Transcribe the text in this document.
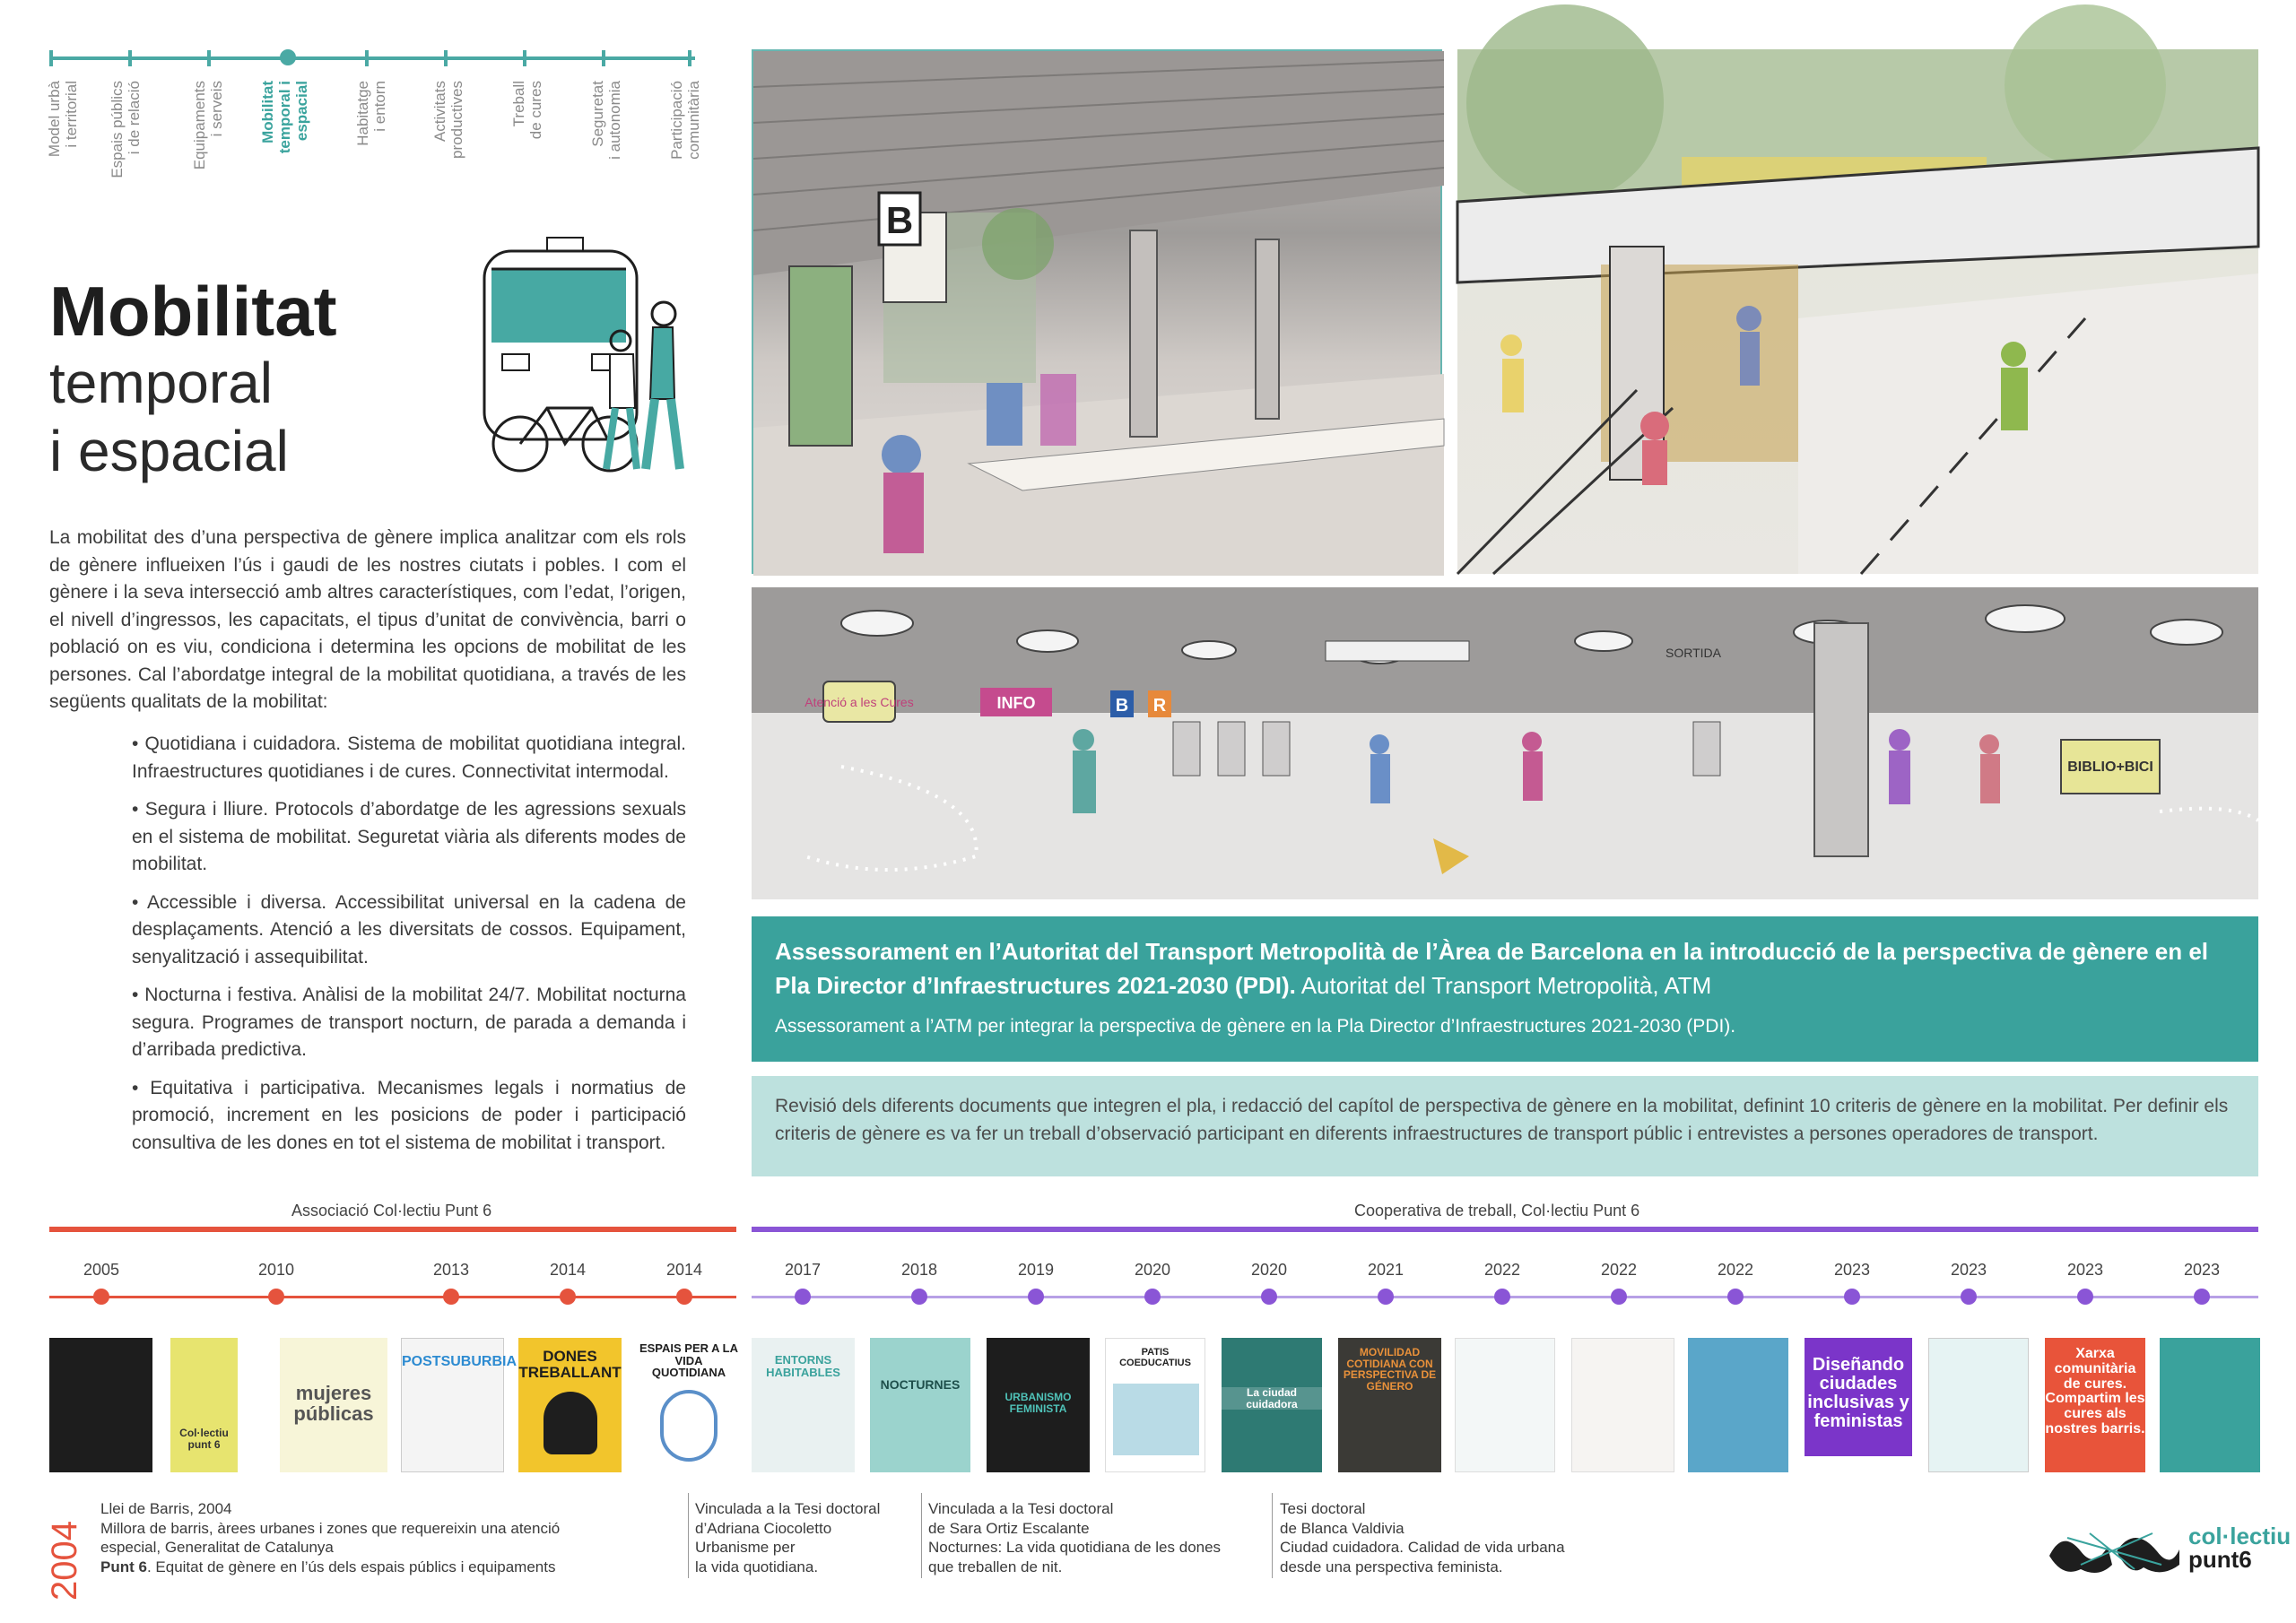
Model urbà
i territorial
Espais públics
i de relació	Equipaments
i serveis Mobilitat
temporal i
espacial	Habitatge
i entorn	Activitats
productives	Treball
de cures	Seguretat
i autonomia	Participació
comunitària
Mobilitat
temporal
i espacial
La mobilitat des d’una perspectiva de gènere implica analitzar com els rols de gènere influeixen l’ús i gaudi de les nostres ciutats i pobles. I com el gènere i la seva intersecció amb altres característiques, com l’edat, l’origen, el nivell d’ingressos, les capacitats, el tipus d’unitat de convivència, barri o població on es viu, condiciona i determina les opcions de mobilitat de les persones. Cal l’abordatge integral de la mobilitat quotidiana, a través de les següents qualitats de la mobilitat:

• Quotidiana i cuidadora. Sistema de mobilitat quotidiana integral. Infraestructures quotidianes i de cures. Connectivitat intermodal.

• Segura i lliure. Protocols d’abordatge de les agressions sexuals en el sistema de mobilitat. Seguretat viària als diferents modes de mobilitat.

• Accessible i diversa. Accessibilitat universal en la cadena de desplaçaments. Atenció a les diversitats de cossos. Equipament, senyalització i assequibilitat.

• Nocturna i festiva. Anàlisi de la mobilitat 24/7. Mobilitat nocturna segura. Programes de transport nocturn, de parada a demanda i d’arribada predictiva.

• Equitativa i participativa. Mecanismes legals i normatius de promoció, increment en les posicions de poder i participació consultiva de les dones en tot el sistema de mobilitat i transport.

B
Atenció a les Cures	INFO	B R
SORTIDA
BIBLIO+BICI
Assessorament en l’Autoritat del Transport Metropolità de l’Àrea de Barcelona en la introducció de la perspectiva de gènere en el Pla Director d’Infraestructures 2021-2030 (PDI). Autoritat del Transport Metropolità, ATM
Assessorament a l’ATM per integrar la perspectiva de gènere en la Pla Director d’Infraestructures 2021-2030 (PDI).
Revisió dels diferents documents que integren el pla, i redacció del capítol de perspectiva de gènere en la mobilitat, definint 10 criteris de gènere en la mobilitat. Per definir els criteris de gènere es va fer un treball d’observació participant en diferents infraestructures de transport públic i entrevistes a persones operadores de transport.
Associació Col·lectiu Punt 6	Cooperativa de treball, Col·lectiu Punt 6
2005	2010	2013	2014	2014	2017	2018	2019	2020	2020	2021	2022	2022	2022	2023	2023	2023	2023
Col·lectiu punt 6
mujeres públicas
POSTSUBURBIA	DONES TREBALLANT
ESPAIS PER A LA VIDA QUOTIDIANA
ENTORNS HABITABLES
NOCTURNES
URBANISMO FEMINISTA
PATIS COEDUCATIUS
La ciudad cuidadora
MOVILIDAD COTIDIANA CON PERSPECTIVA DE GÉNERO
Diseñando ciudades inclusivas y feministas
Xarxa comunitària de cures. Compartim les cures als nostres barris.
2004
Llei de Barris, 2004
Millora de barris, àrees urbanes i zones que requereixin una atenció
especial, Generalitat de Catalunya
Punt 6. Equitat de gènere en l’ús dels espais públics i equipaments
Vinculada a la Tesi doctoral
d’Adriana Ciocoletto
Urbanisme per
la vida quotidiana.
Vinculada a la Tesi doctoral
de Sara Ortiz Escalante
Nocturnes: La vida quotidiana de les dones
que treballen de nit.
Tesi doctoral
de Blanca Valdivia
Ciudad cuidadora. Calidad de vida urbana
desde una perspectiva feminista.
col·lectiu
punt6
